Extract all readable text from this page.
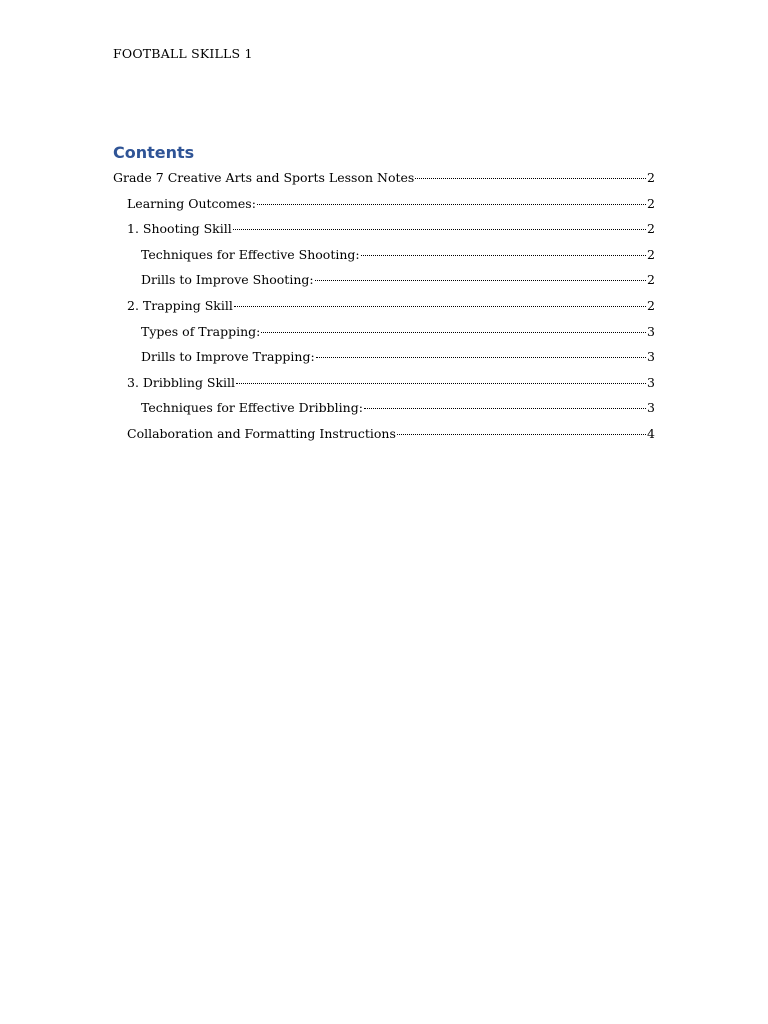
FOOTBALL SKILLS 1
Contents
Grade 7 Creative Arts and Sports Lesson Notes	2
Learning Outcomes:	2
1. Shooting Skill	2
Techniques for Effective Shooting:	2
Drills to Improve Shooting:	2
2. Trapping Skill	2
Types of Trapping:	3
Drills to Improve Trapping:	3
3. Dribbling Skill	3
Techniques for Effective Dribbling:	3
Collaboration and Formatting Instructions	4
